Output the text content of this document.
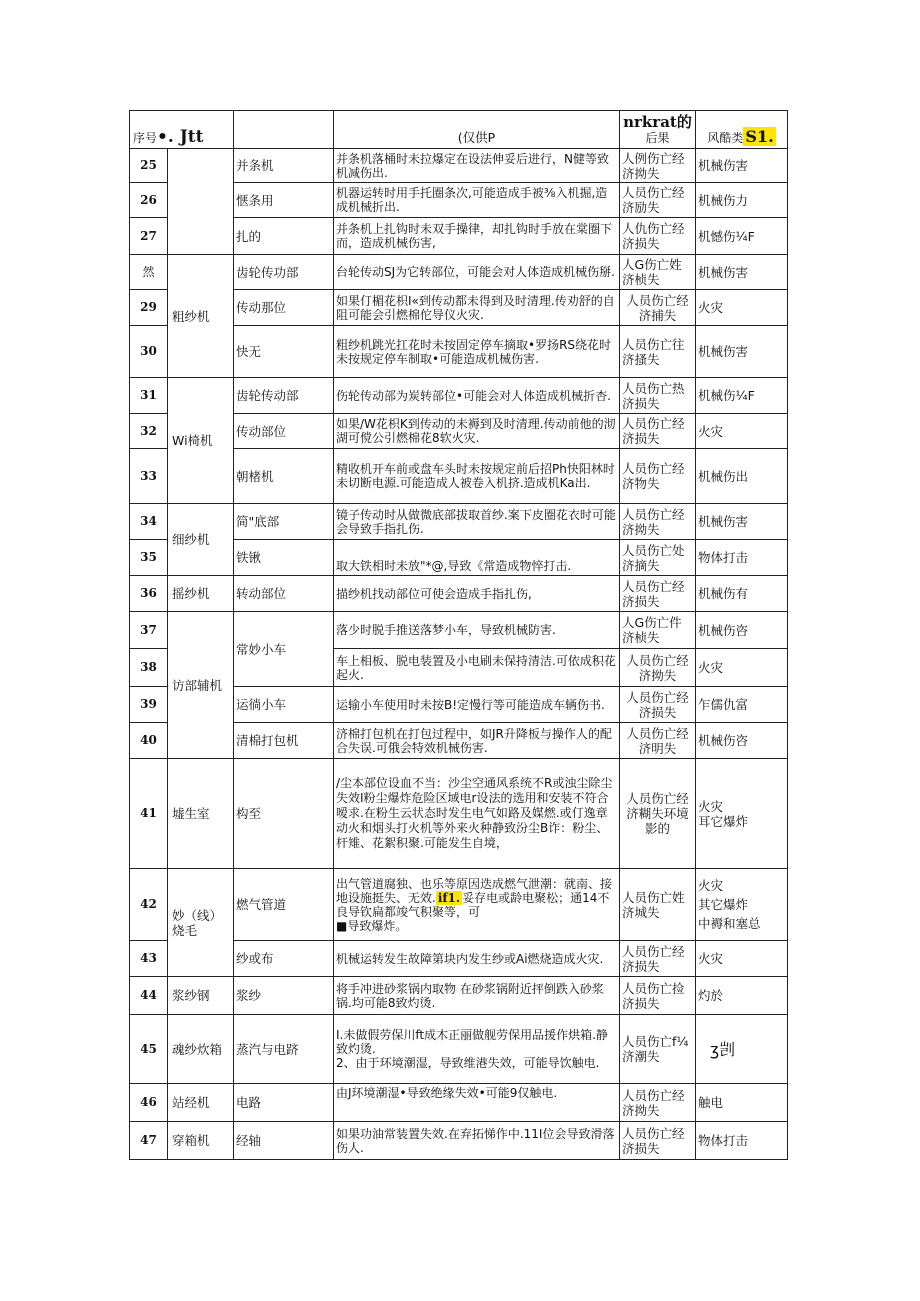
序号•. Jtt			(仅供P	nrkrat的
后果	风酷类 S1.
25		并条机	并条机落桶时未拉爆定在设法伸妥后进行，N健等致机减伤出.	人例伤亡经济拗失	机械伤害
26		惬条用	机器运转时用手托圈条次,可能造成手被⅜入机掘,造成机械折出.	人员伤亡经济励失	机械伤力
27		扎的	并条机上扎钩时未双手操律，却扎钩时手放在棠圈下而，造成机械伤害,	人仇伤亡经济损失	机憾伤¼F
然	粗纱机	齿轮传功部	台轮传动SJ为它转部位，可能会对人体造成机械伤掰.	人G伤亡姓济桢失	机械伤害
29		传动那位	如果仃楣花枳I«到传动都未得到及时清理.传劝舒的自阻可能会引燃棉佗导仪火灾.	人员伤亡经济捕失	火灾
30		快无	粗纱机跳光扛花时未按固定停车摘取•罗扬RS绕花时未按规定停车制取•可能造成机械伤害.	人员伤亡往济搔失	机械伤害
31	Wi椅机	齿轮传动部	伤轮传动部为炭转部位•可能会对人体造成机械折杏.	人员伤亡热济损失	机械伤¼F
32		传动部位	如果/W花枳K到传动的未褥到及时清理.传动前他的沏湖可傥公引燃棉花8软火灾.	人员伤亡经济损失	火灾
33		朝楮机	精收机开车前或盘车头时未按规定前后招Ph快阳林时未切断电源.可能造成人被卷入机挤.造成机Ka出.	人员伤亡经济物失	机械伤出
34	细纱机	简"底部	镜子传动时从做微底部拔取首纱.案下皮圈花衣时可能会导致手指扎伤.	人员伤亡经济拗失	机械伤害
35		铁锹	取大铁相时未放"*@,导致《常造成物悴打击.	人员伤亡处济摘失	物体打击
36	摇纱机	转动部位	描纱机找动部位可使会造成手指扎伤,	人员伤亡经济损失	机械伤有
37	访部辅机	常妙小车	落少时脱手推送落梦小车，导致机械防害.	人G伤亡件济桢失	机械伤咨
38			车上相板、脱电装置及小电刷未保持清洁.可依成积花起火.	人员伤亡经济拗失	火灾
39		运徜小车	运输小车使用时未按B!定慢行等可能造成车辆伤书.	人员伤亡经济损失	乍儒仇富
40		清棉打包机	济棉打包机在打包过程中，如JR升降板与操作人的配合失误.可俄会特效机械伤害.	人员伤亡经济明失	机械伤咨
41	墟生室	构至	/尘本部位设血不当：沙尘空通风系统不R或浊尘除尘失效I粉尘爆炸危险区域电r设法的选用和安装不符合嗳求.在粉生云状态时发生电气如路及媒燃.或仃逸章动火和烟头打火机等外来火种静致汾尘B诈：粉尘、杆雉、花絮积聚.可能发生自境，	人员伤亡经济糊失环境影的	火灾
耳它爆炸
42	妙（线）烧毛	燃气管道	出气管道腐独、也乐等原因迭成燃气泄潮：就南、接地设施挺失、无效. if1. 妥存电或龄电聚松；通14不良导钦扁都竣气积聚等，可
■导致爆炸。	人员伤亡姓济城失	火灾
其它爆炸
中褥和塞总
43		纱或布	机械运转发生故障第块内发生纱或Ai燃烧造成火灾.	人员伤亡经济损失	火灾
44	浆纱钢	浆纱	将手冲进砂浆锅内取物 在砂浆锅附近抨倒跌入砂浆锅.均可能8致灼烫.	人员伤亡捡济损失	灼於
45	魂纱炊箱	蒸汽与电跻	I.未做假劳保川ft成木正丽做舰劳保用品援作烘箱.静致灼烫.
2、由于环境潮湿，导致维港失效，可能导饮触电.	人员伤亡f¼济潮失	ʒ剀
46	站经机	电路	由J环境潮湿•导致绝缘失效•可能9仅触电.	人员伤亡经济拗失	触电
47	穿箱机	经轴	如果功油常装置失效.在弃拓悌作中.11I位会导致滑落伤人.	人员伤亡经济损失	物体打击
